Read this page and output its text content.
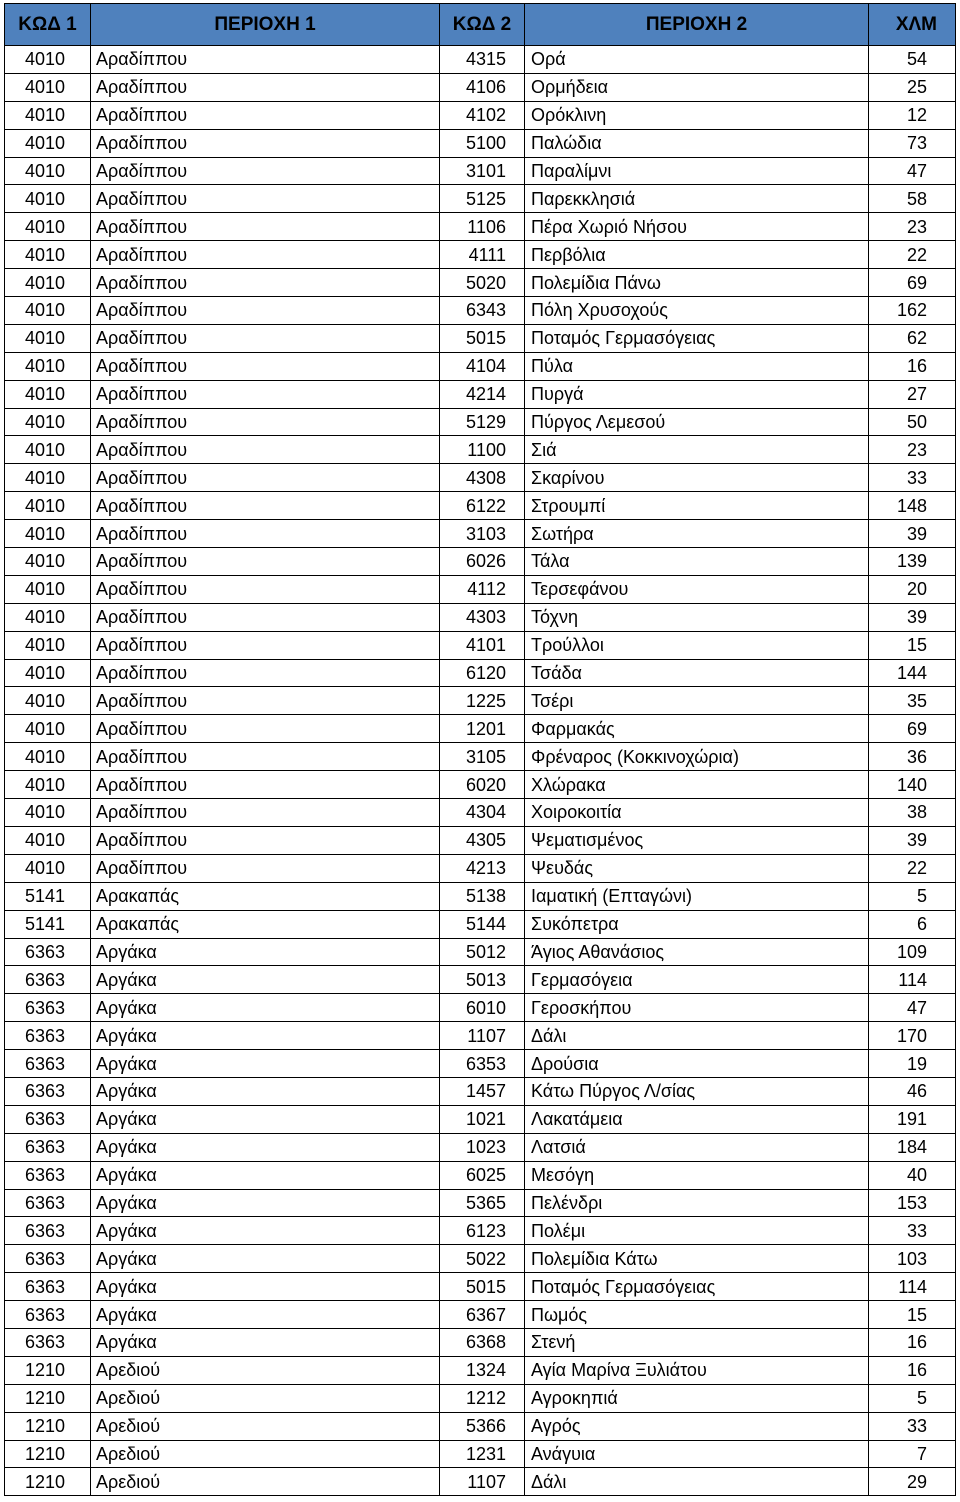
ΚΩΔ 1	ΠΕΡΙΟΧΗ 1	ΚΩΔ 2	ΠΕΡΙΟΧΗ 2	ΧΛΜ
4010	Αραδίππου	4315	Ορά	54
4010	Αραδίππου	4106	Ορμήδεια	25
4010	Αραδίππου	4102	Ορόκλινη	12
4010	Αραδίππου	5100	Παλώδια	73
4010	Αραδίππου	3101	Παραλίμνι	47
4010	Αραδίππου	5125	Παρεκκλησιά	58
4010	Αραδίππου	1106	Πέρα Χωριό Νήσου	23
4010	Αραδίππου	4111	Περβόλια	22
4010	Αραδίππου	5020	Πολεμίδια Πάνω	69
4010	Αραδίππου	6343	Πόλη Χρυσοχούς	162
4010	Αραδίππου	5015	Ποταμός Γερμασόγειας	62
4010	Αραδίππου	4104	Πύλα	16
4010	Αραδίππου	4214	Πυργά	27
4010	Αραδίππου	5129	Πύργος Λεμεσού	50
4010	Αραδίππου	1100	Σιά	23
4010	Αραδίππου	4308	Σκαρίνου	33
4010	Αραδίππου	6122	Στρουμπί	148
4010	Αραδίππου	3103	Σωτήρα	39
4010	Αραδίππου	6026	Τάλα	139
4010	Αραδίππου	4112	Τερσεφάνου	20
4010	Αραδίππου	4303	Τόχνη	39
4010	Αραδίππου	4101	Τρούλλοι	15
4010	Αραδίππου	6120	Τσάδα	144
4010	Αραδίππου	1225	Τσέρι	35
4010	Αραδίππου	1201	Φαρμακάς	69
4010	Αραδίππου	3105	Φρέναρος (Κοκκινοχώρια)	36
4010	Αραδίππου	6020	Χλώρακα	140
4010	Αραδίππου	4304	Χοιροκοιτία	38
4010	Αραδίππου	4305	Ψεματισμένος	39
4010	Αραδίππου	4213	Ψευδάς	22
5141	Αρακαπάς	5138	Ιαματική (Επταγώνι)	5
5141	Αρακαπάς	5144	Συκόπετρα	6
6363	Αργάκα	5012	Άγιος Αθανάσιος	109
6363	Αργάκα	5013	Γερμασόγεια	114
6363	Αργάκα	6010	Γεροσκήπου	47
6363	Αργάκα	1107	Δάλι	170
6363	Αργάκα	6353	Δρούσια	19
6363	Αργάκα	1457	Κάτω Πύργος Λ/σίας	46
6363	Αργάκα	1021	Λακατάμεια	191
6363	Αργάκα	1023	Λατσιά	184
6363	Αργάκα	6025	Μεσόγη	40
6363	Αργάκα	5365	Πελένδρι	153
6363	Αργάκα	6123	Πολέμι	33
6363	Αργάκα	5022	Πολεμίδια Κάτω	103
6363	Αργάκα	5015	Ποταμός Γερμασόγειας	114
6363	Αργάκα	6367	Πωμός	15
6363	Αργάκα	6368	Στενή	16
1210	Αρεδιού	1324	Αγία Μαρίνα Ξυλιάτου	16
1210	Αρεδιού	1212	Αγροκηπιά	5
1210	Αρεδιού	5366	Αγρός	33
1210	Αρεδιού	1231	Ανάγυια	7
1210	Αρεδιού	1107	Δάλι	29
